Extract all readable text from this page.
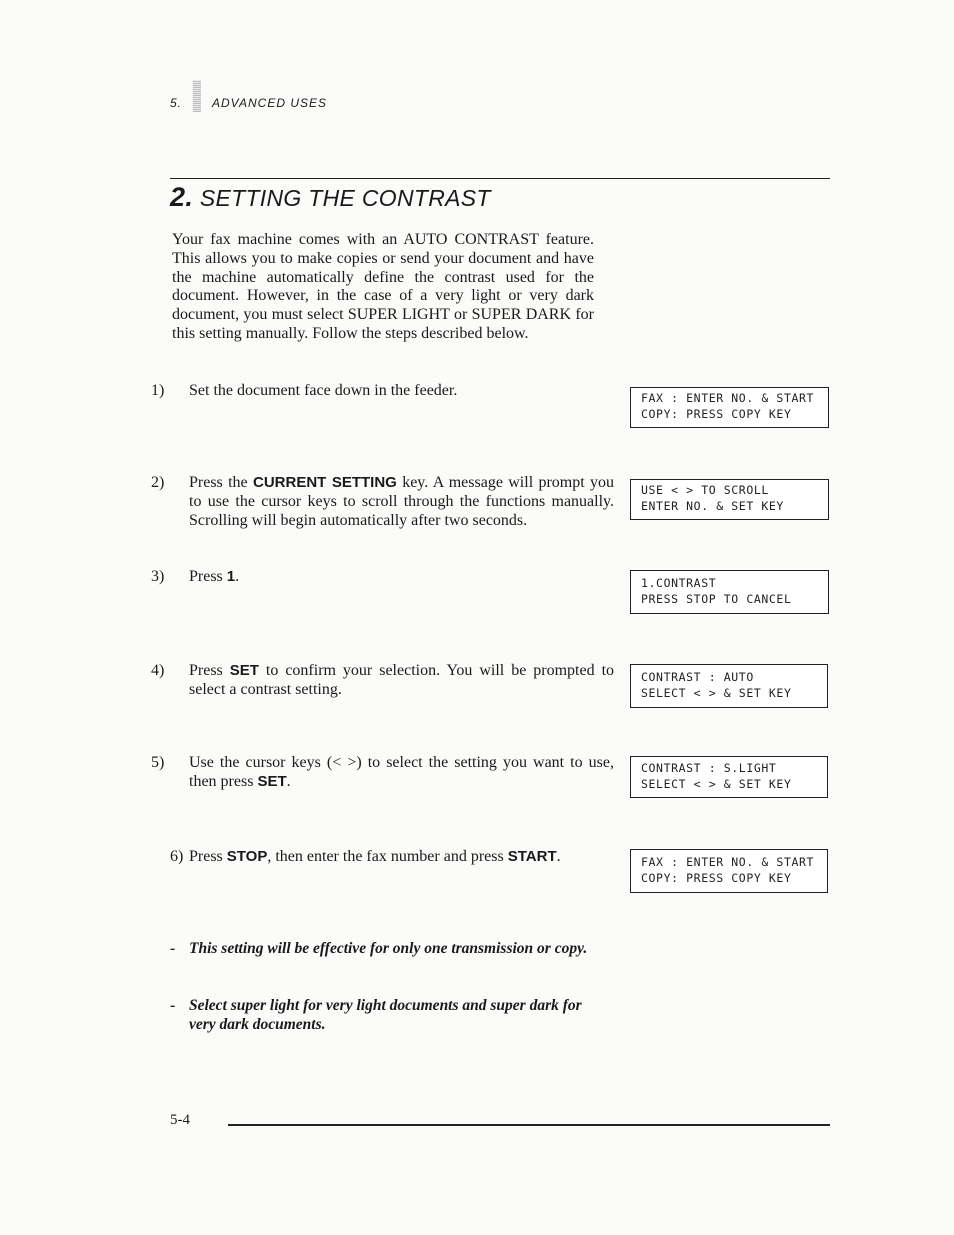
5. ADVANCED USES
2. SETTING THE CONTRAST
Your fax machine comes with an AUTO CONTRAST feature. This allows you to make copies or send your document and have the machine automatically define the contrast used for the document. However, in the case of a very light or very dark document, you must select SUPER LIGHT or SUPER DARK for this setting manually. Follow the steps described below.
1) Set the document face down in the feeder.	FAX : ENTER NO. & START
COPY: PRESS COPY KEY
2) Press the CURRENT SETTING key. A message will prompt you to use the cursor keys to scroll through the functions manually. Scrolling will begin automatically after two seconds.
USE < > TO SCROLL
ENTER NO. & SET KEY
3) Press 1.	1.CONTRAST
PRESS STOP TO CANCEL
4) Press SET to confirm your selection. You will be prompted to select a contrast setting.
CONTRAST : AUTO
SELECT < > & SET KEY
5) Use the cursor keys (< >) to select the setting you want to use, then press SET.
CONTRAST : S.LIGHT
SELECT < > & SET KEY
6) Press STOP, then enter the fax number and press START.	FAX : ENTER NO. & START
COPY: PRESS COPY KEY
- This setting will be effective for only one transmission or copy.
- Select super light for very light documents and super dark for very dark documents.
5-4
